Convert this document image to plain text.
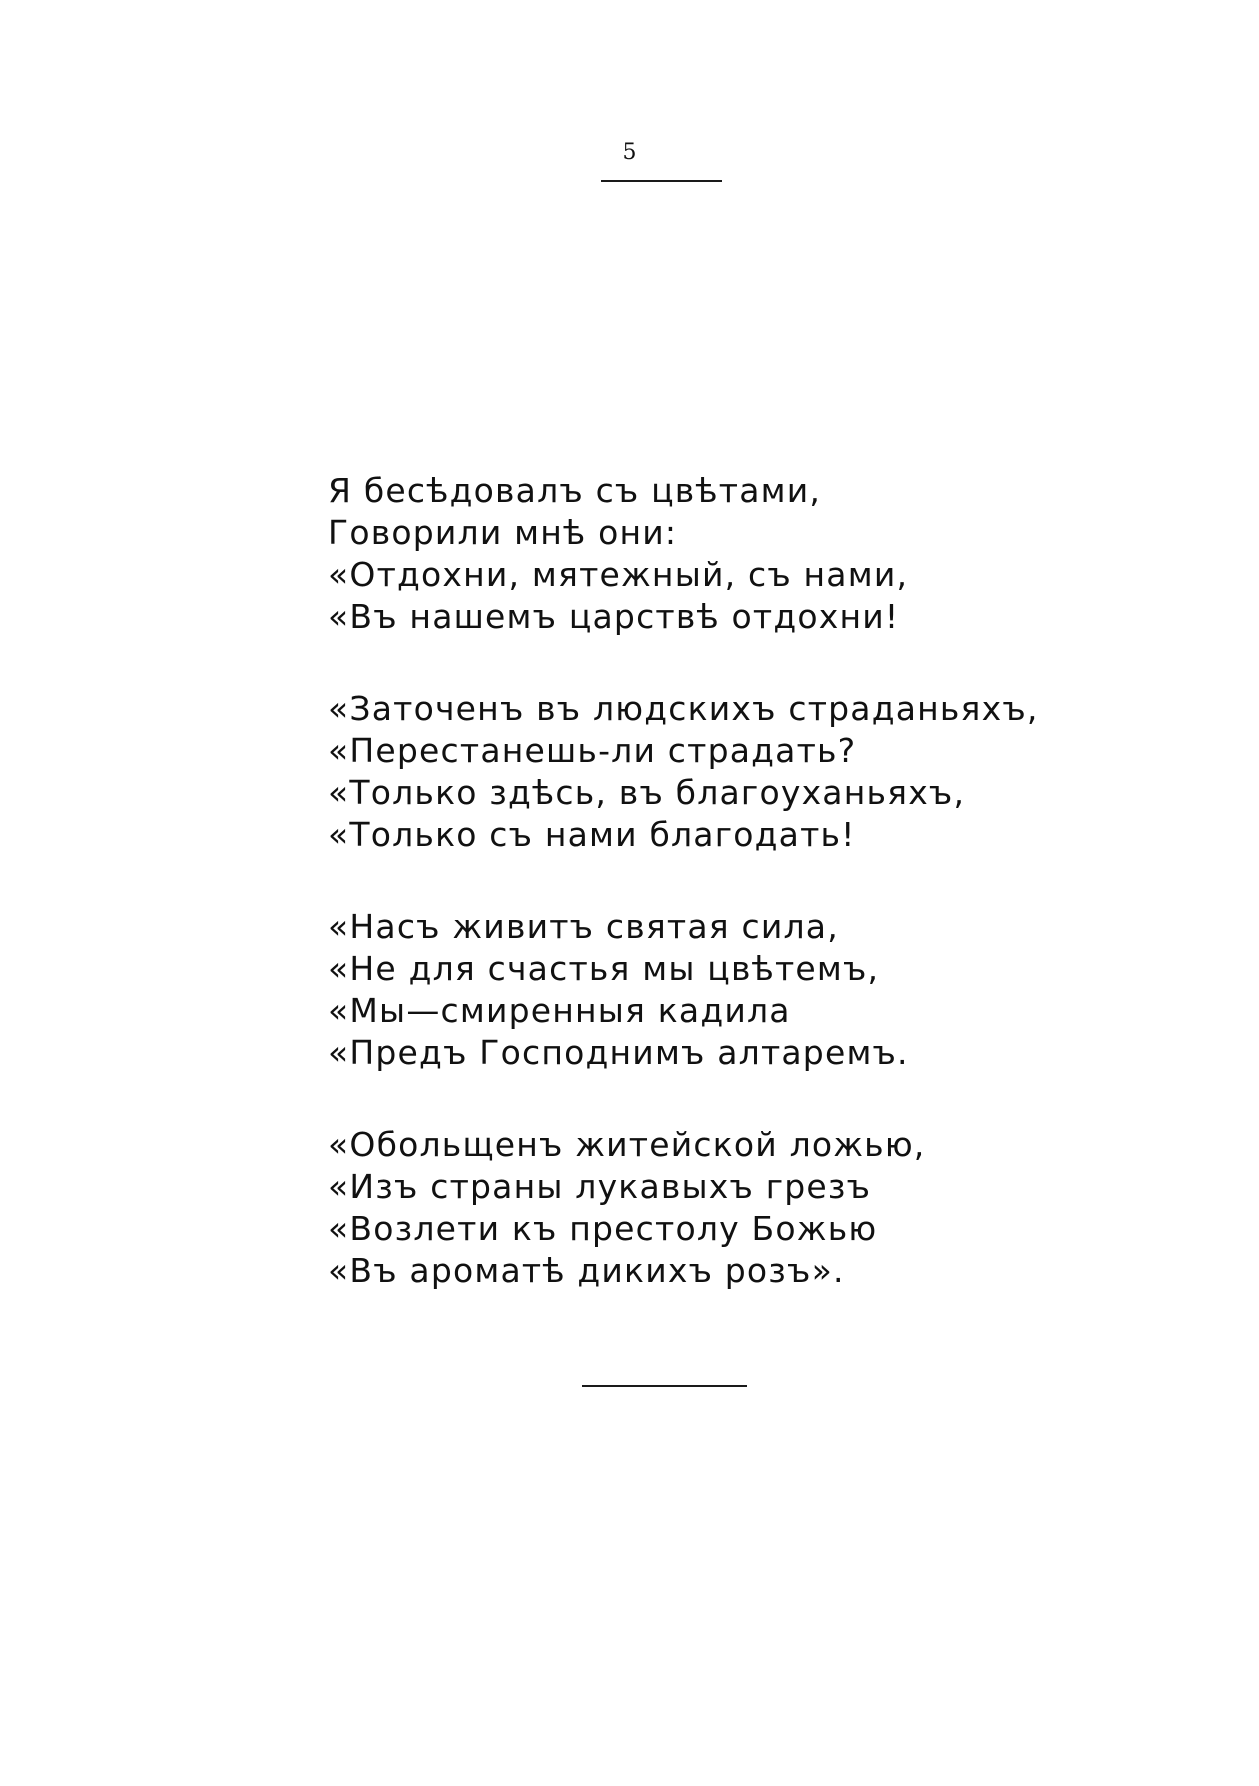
5
Я бесѣдовалъ съ цвѣтами,
Говорили мнѣ они:
«Отдохни, мятежный, съ нами,
«Въ нашемъ царствѣ отдохни!
«Заточенъ въ людскихъ страданьяхъ,
«Перестанешь-ли страдать?
«Только здѣсь, въ благоуханьяхъ,
«Только съ нами благодать!
«Насъ живитъ святая сила,
«Не для счастья мы цвѣтемъ,
«Мы—смиренныя кадила
«Предъ Господнимъ алтаремъ.
«Обольщенъ житейской ложью,
«Изъ страны лукавыхъ грезъ
«Возлети къ престолу Божью
«Въ ароматѣ дикихъ розъ».
